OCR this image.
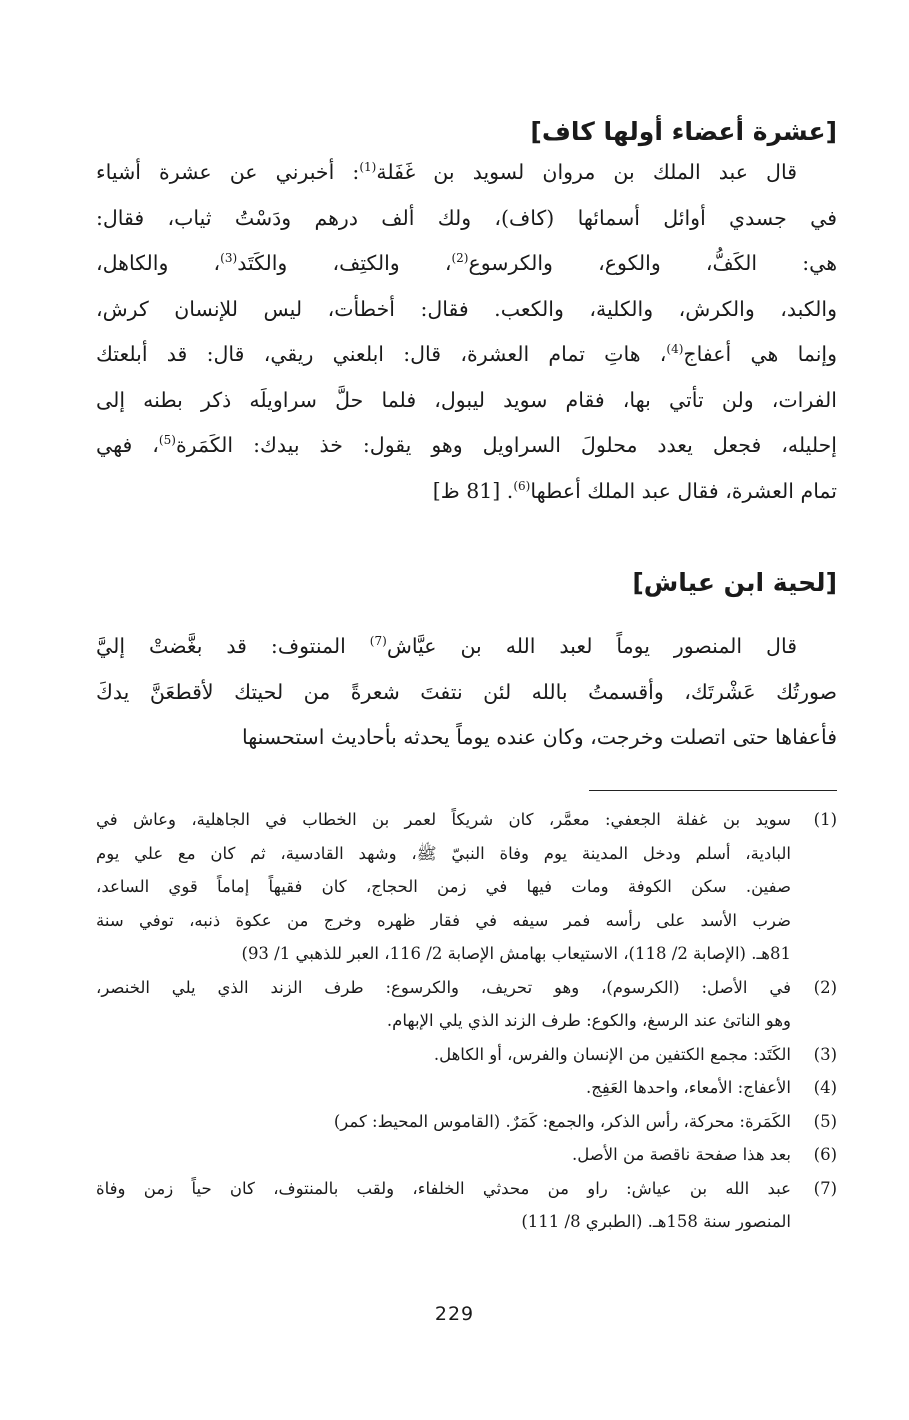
[عشرة أعضاء أولها كاف]
قال عبد الملك بن مروان لسويد بن غَفَلة$^{(1)}$: أخبرني عن عشرة أشياء
في جسدي أوائل أسمائها (كاف)، ولك ألف درهم ودَسْتُ ثياب، فقال:
هي: الكَفُّ، والكوع، والكرسوع$^{(2)}$، والكتِف، والكَتَد$^{(3)}$، والكاهل،
والكبد، والكرش، والكلية، والكعب. فقال: أخطأت، ليس للإنسان كرش،
وإنما هي أعفاج$^{(4)}$، هاتِ تمام العشرة، قال: ابلعني ريقي، قال: قد أبلعتك
الفرات، ولن تأتي بها، فقام سويد ليبول، فلما حلَّ سراويلَه ذكر بطنه إلى
إحليله، فجعل يعدد محلولَ السراويل وهو يقول: خذ بيدك: الكَمَرة$^{(5)}$، فهي
تمام العشرة، فقال عبد الملك أعطها$^{(6)}$. [81 ظ]
[لحية ابن عياش]
قال المنصور يوماً لعبد الله بن عيَّاش$^{(7)}$ المنتوف: قد بغَّضتْ إليَّ
صورتُك عَشْرتَك، وأقسمتُ بالله لئن نتفتَ شعرةً من لحيتك لأقطعَنَّ يدكَ
فأعفاها حتى اتصلت وخرجت، وكان عنده يوماً يحدثه بأحاديث استحسنها
(1)
سويد بن غفلة الجعفي: معمَّر، كان شريكاً لعمر بن الخطاب في الجاهلية، وعاش في
البادية، أسلم ودخل المدينة يوم وفاة النبيّ ﷺ، وشهد القادسية، ثم كان مع علي يوم
صفين. سكن الكوفة ومات فيها في زمن الحجاج، كان فقيهاً إماماً قوي الساعد،
ضرب الأسد على رأسه فمر سيفه في فقار ظهره وخرج من عكوة ذنبه، توفي سنة
81هـ. (الإصابة 2/ 118)، الاستيعاب بهامش الإصابة 2/ 116، العبر للذهبي 1/ 93)
(2)
في الأصل: (الكرسوم)، وهو تحريف، والكرسوع: طرف الزند الذي يلي الخنصر،
وهو الناتئ عند الرسغ، والكوع: طرف الزند الذي يلي الإبهام.
(3)
الكَتَد: مجمع الكتفين من الإنسان والفرس، أو الكاهل.
(4)
الأعفاج: الأمعاء، واحدها العَفِج.
(5)
الكَمَرة: محركة، رأس الذكر، والجمع: كَمَرٌ. (القاموس المحيط: كمر)
(6)
بعد هذا صفحة ناقصة من الأصل.
(7)
عبد الله بن عياش: راو من محدثي الخلفاء، ولقب بالمنتوف، كان حياً زمن وفاة
المنصور سنة 158هـ. (الطبري 8/ 111)
229
